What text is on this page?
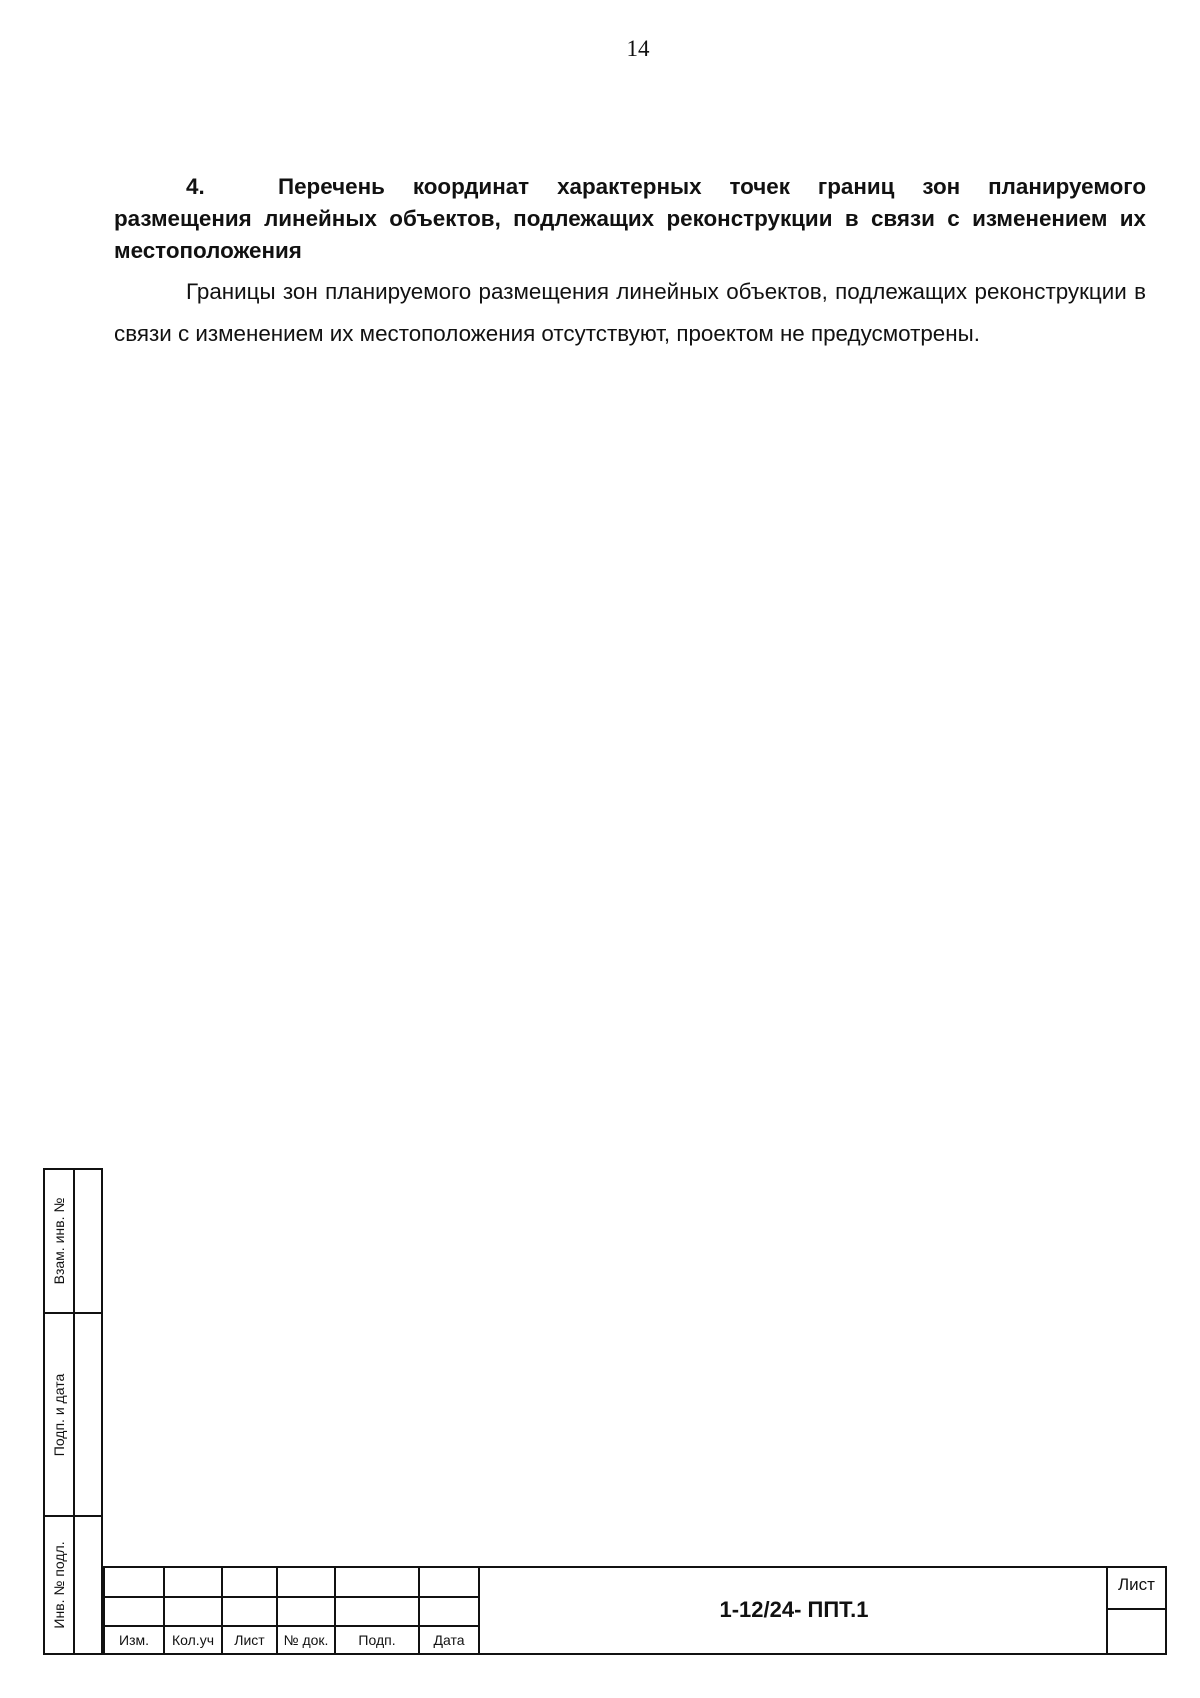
14

4.	Перечень координат характерных точек границ зон планируемого размещения линейных объектов, подлежащих реконструкции в связи с изменением их местоположения

Границы зон планируемого размещения линейных объектов, подлежащих реконструкции в связи с изменением их местоположения отсутствуют, проектом не предусмотрены.

Взам. инв. №
Подп. и дата
Инв. № подл.
Изм.	Кол.уч	Лист	№ док.	Подп.	Дата
1-12/24- ППТ.1
Лист
